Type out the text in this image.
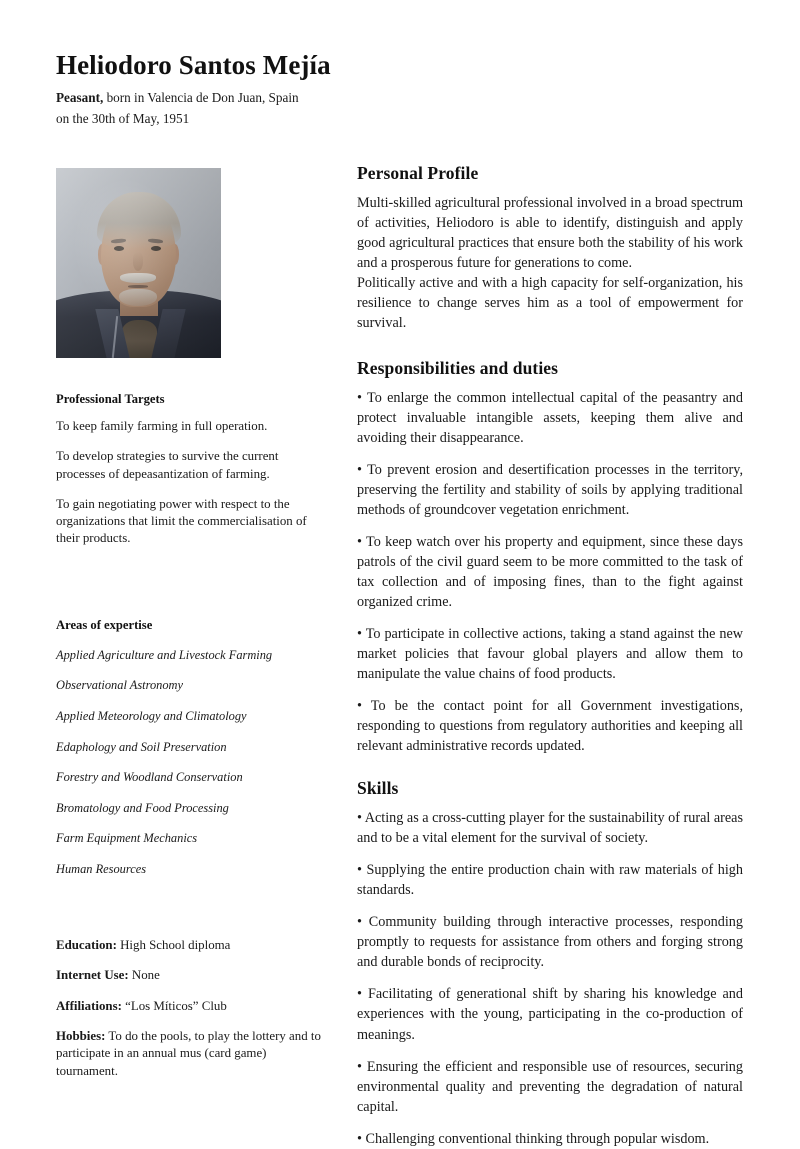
Heliodoro Santos Mejía

Peasant, born in Valencia de Don Juan, Spain
on the 30th of May, 1951

Professional Targets

To keep family farming in full operation.

To develop strategies to survive the current processes of depeasantization of farming.

To gain negotiating power with respect to the organizations that limit the commercialisation of their products.

Areas of expertise

Applied Agriculture and Livestock Farming

Observational Astronomy

Applied Meteorology and Climatology

Edaphology and Soil Preservation

Forestry and Woodland Conservation

Bromatology and Food Processing

Farm Equipment Mechanics

Human Resources

Education: High School diploma

Internet Use: None

Affiliations: “Los Míticos” Club

Hobbies: To do the pools, to play the lottery and to participate in an annual mus (card game) tournament.

Personal Profile

Multi-skilled agricultural professional involved in a broad spectrum of activities, Heliodoro is able to identify, distinguish and apply good agricultural practices that ensure both the stability of his work and a prosperous future for generations to come.

Politically active and with a high capacity for self-organization, his resilience to change serves him as a tool of empowerment for survival.

Responsibilities and duties

• To enlarge the common intellectual capital of the peasantry and protect invaluable intangible assets, keeping them alive and avoiding their disappearance.

• To prevent erosion and desertification processes in the territory, preserving the fertility and stability of soils by applying traditional methods of groundcover vegetation enrichment.

• To keep watch over his property and equipment, since these days patrols of the civil guard seem to be more committed to the task of tax collection and of imposing fines, than to the fight against organized crime.

• To participate in collective actions, taking a stand against the new market policies that favour global players and allow them to manipulate the value chains of food products.

• To be the contact point for all Government investigations, responding to questions from regulatory authorities and keeping all relevant administrative records updated.

Skills

• Acting as a cross-cutting player for the sustainability of rural areas and to be a vital element for the survival of society.

• Supplying the entire production chain with raw materials of high standards.

• Community building through interactive processes, responding promptly to requests for assistance from others and forging strong and durable bonds of reciprocity.

• Facilitating of generational shift by sharing his knowledge and experiences with the young, participating in the co-production of meanings.

• Ensuring the efficient and responsible use of resources, securing environmental quality and preventing the degradation of natural capital.

• Challenging conventional thinking through popular wisdom.
